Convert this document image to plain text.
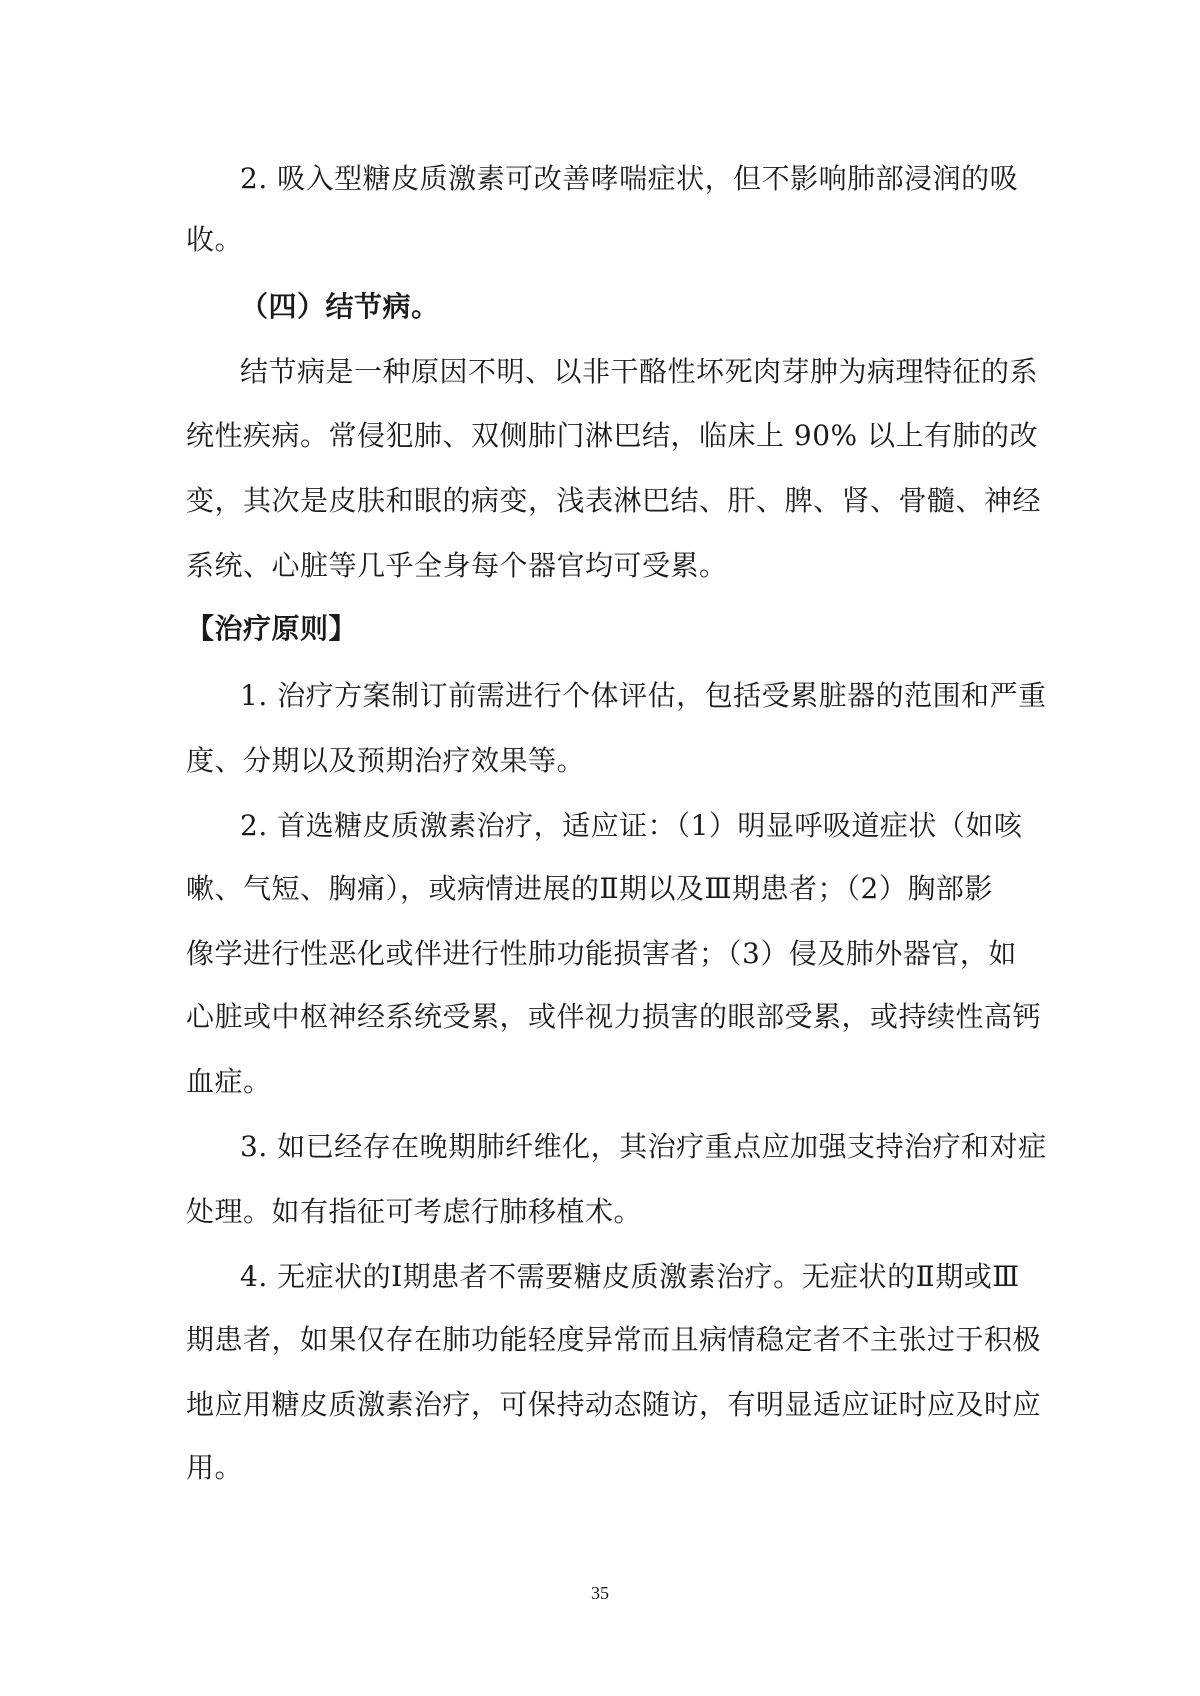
2. 吸入型糖皮质激素可改善哮喘症状，但不影响肺部浸润的吸
收。
（四）结节病。
结节病是一种原因不明、以非干酪性坏死肉芽肿为病理特征的系
统性疾病。常侵犯肺、双侧肺门淋巴结，临床上 90% 以上有肺的改
变，其次是皮肤和眼的病变，浅表淋巴结、肝、脾、肾、骨髓、神经
系统、心脏等几乎全身每个器官均可受累。
【治疗原则】
1. 治疗方案制订前需进行个体评估，包括受累脏器的范围和严重
度、分期以及预期治疗效果等。
2. 首选糖皮质激素治疗，适应证：（1）明显呼吸道症状（如咳
嗽、气短、胸痛），或病情进展的Ⅱ期以及Ⅲ期患者；（2）胸部影
像学进行性恶化或伴进行性肺功能损害者；（3）侵及肺外器官，如
心脏或中枢神经系统受累，或伴视力损害的眼部受累，或持续性高钙
血症。
3. 如已经存在晚期肺纤维化，其治疗重点应加强支持治疗和对症
处理。如有指征可考虑行肺移植术。
4. 无症状的Ⅰ期患者不需要糖皮质激素治疗。无症状的Ⅱ期或Ⅲ
期患者，如果仅存在肺功能轻度异常而且病情稳定者不主张过于积极
地应用糖皮质激素治疗，可保持动态随访，有明显适应证时应及时应
用。
35
